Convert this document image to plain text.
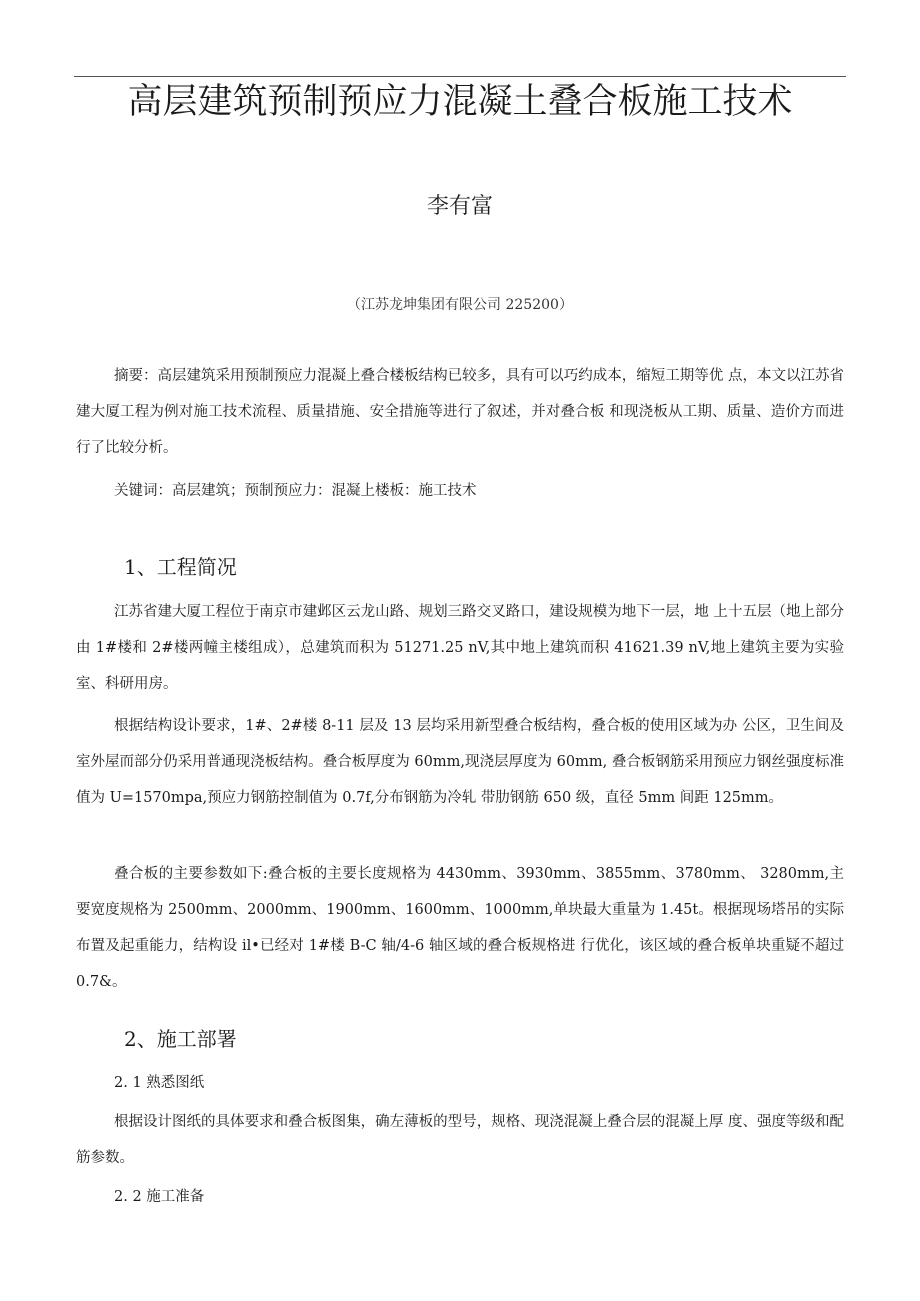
高层建筑预制预应力混凝土叠合板施工技术
李有富
（江苏龙坤集团有限公司 225200）

摘要：高层建筑采用预制预应力混凝上叠合楼板结构已较多，具有可以巧约成本，缩短工期等优 点，本文以江苏省建大厦工程为例对施工技术流程、质量措施、安全措施等进行了叙述，并对叠合板 和现浇板从工期、质量、造价方而进行了比较分析。

关键词：高层建筑；预制预应力：混凝上楼板：施工技术

1、工程简况

江苏省建大厦工程位于南京市建邺区云龙山路、规划三路交叉路口，建设规模为地下一层，地 上十五层（地上部分由 1#楼和 2#楼两幢主楼组成），总建筑而积为 51271.25 nV,其中地上建筑而积 41621.39 nV,地上建筑主要为实验室、科研用房。

根据结构设讣要求，1#、2#楼 8-11 层及 13 层均采用新型叠合板结构，叠合板的使用区域为办 公区，卫生间及室外屋而部分仍采用普通现浇板结构。叠合板厚度为 60mm,现浇层厚度为 60mm, 叠合板钢筋采用预应力钢丝强度标准值为 U=1570mpa,预应力钢筋控制值为 0.7f,分布钢筋为冷轧 带肋钢筋 650 级，直径 5mm 间距 125mm。

叠合板的主要参数如下:叠合板的主要长度规格为 4430mm、3930mm、3855mm、3780mm、 3280mm,主要宽度规格为 2500mm、2000mm、1900mm、1600mm、1000mm,单块最大重量为 1.45t。根据现场塔吊的实际布置及起重能力，结构设 il•已经对 1#楼 B-C 轴/4-6 轴区域的叠合板规格进 行优化，该区域的叠合板单块重疑不超过 0.7&。

2、施工部署

2. 1 熟悉图纸

根据设计图纸的具体要求和叠合板图集，确左薄板的型号，规格、现浇混凝上叠合层的混凝上厚 度、强度等级和配筋参数。

2. 2 施工准备
